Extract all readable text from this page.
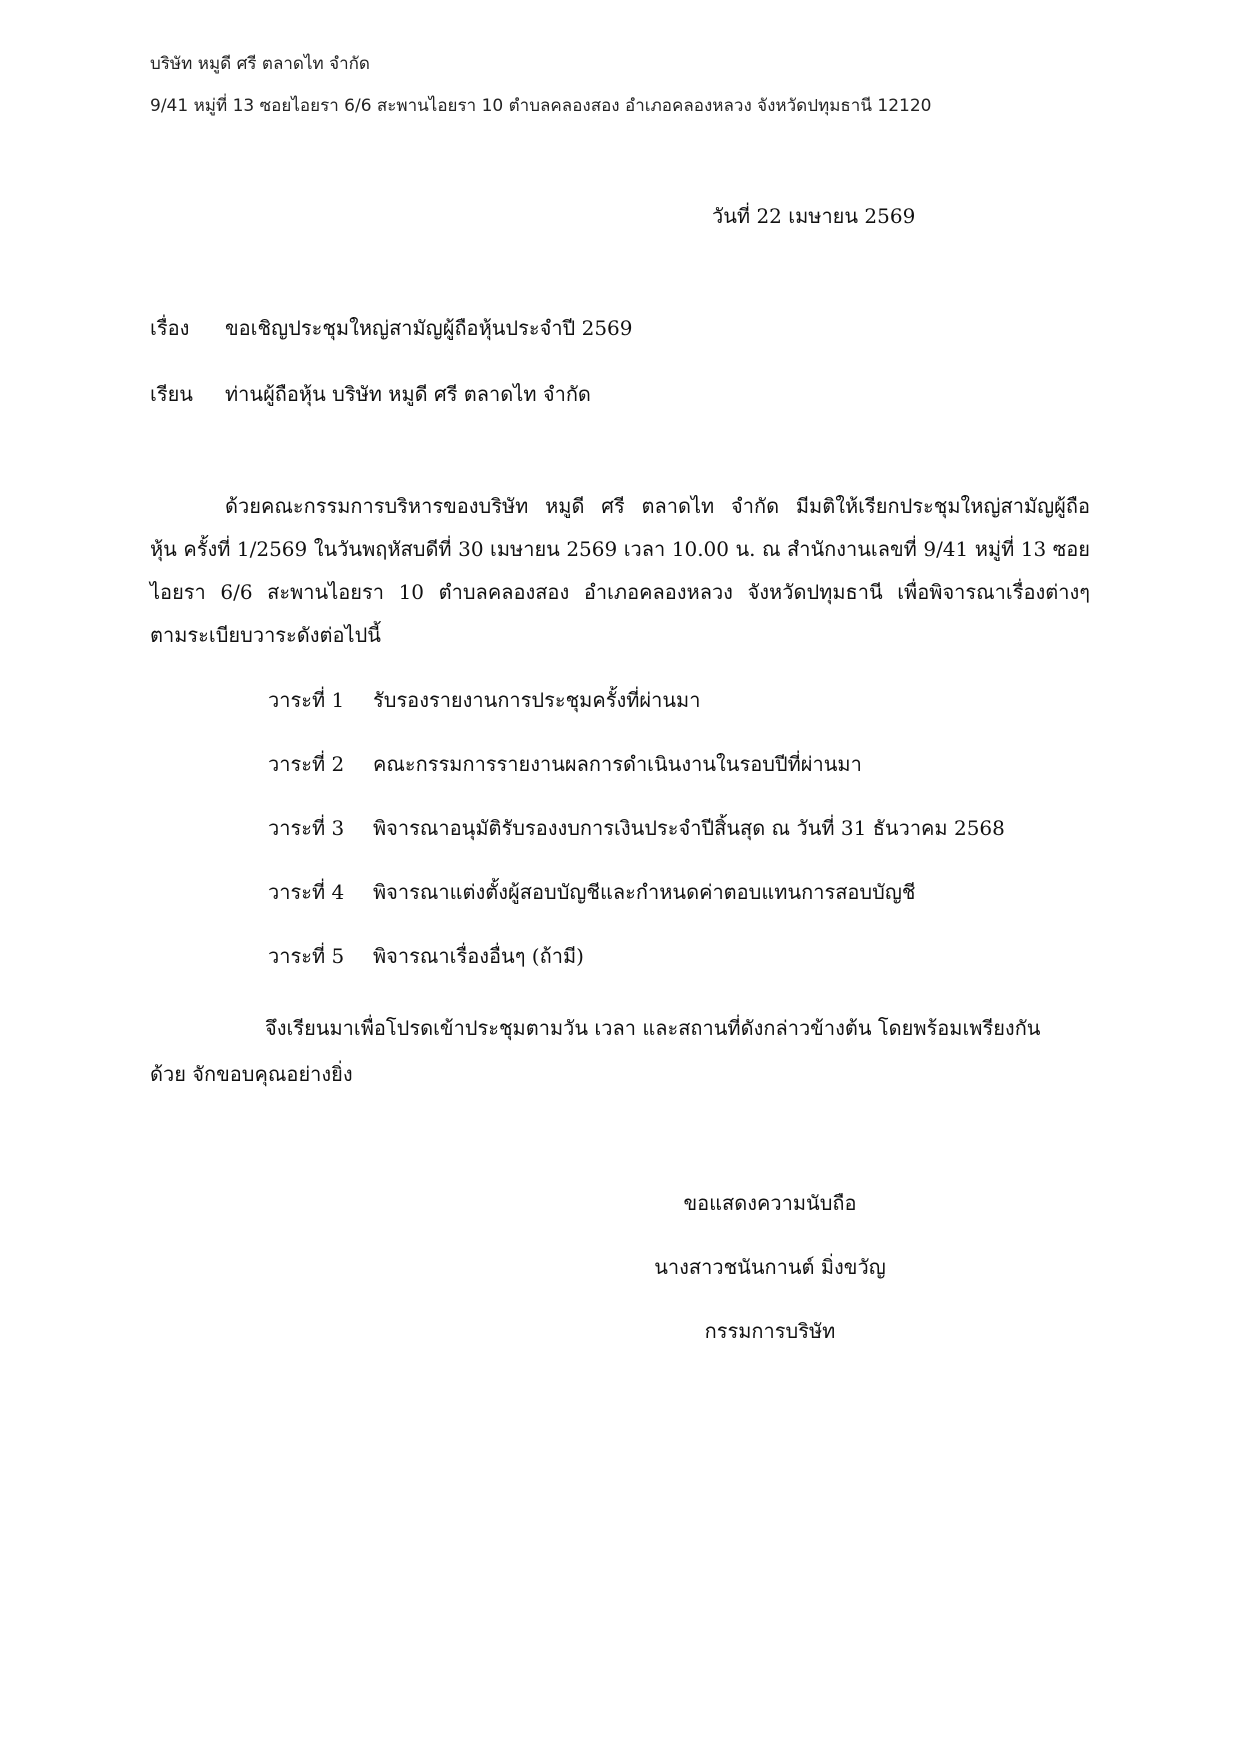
บริษัท หมูดี ศรี ตลาดไท จำกัด
9/41 หมู่ที่ 13 ซอยไอยรา 6/6 สะพานไอยรา 10 ตำบลคลองสอง อำเภอคลองหลวง จังหวัดปทุมธานี 12120
วันที่ 22 เมษายน 2569
เรื่อง ขอเชิญประชุมใหญ่สามัญผู้ถือหุ้นประจำปี 2569
เรียน ท่านผู้ถือหุ้น บริษัท หมูดี ศรี ตลาดไท จำกัด
ด้วยคณะกรรมการบริหารของบริษัท หมูดี ศรี ตลาดไท จำกัด มีมติให้เรียกประชุมใหญ่สามัญผู้ถือ
หุ้น ครั้งที่ 1/2569 ในวันพฤหัสบดีที่ 30 เมษายน 2569 เวลา 10.00 น. ณ สำนักงานเลขที่ 9/41 หมู่ที่ 13 ซอย
ไอยรา 6/6 สะพานไอยรา 10 ตำบลคลองสอง อำเภอคลองหลวง จังหวัดปทุมธานี เพื่อพิจารณาเรื่องต่างๆ
ตามระเบียบวาระดังต่อไปนี้
วาระที่ 1 รับรองรายงานการประชุมครั้งที่ผ่านมา
วาระที่ 2 คณะกรรมการรายงานผลการดำเนินงานในรอบปีที่ผ่านมา
วาระที่ 3 พิจารณาอนุมัติรับรองงบการเงินประจำปีสิ้นสุด ณ วันที่ 31 ธันวาคม 2568
วาระที่ 4 พิจารณาแต่งตั้งผู้สอบบัญชีและกำหนดค่าตอบแทนการสอบบัญชี
วาระที่ 5 พิจารณาเรื่องอื่นๆ (ถ้ามี)
จึงเรียนมาเพื่อโปรดเข้าประชุมตามวัน เวลา และสถานที่ดังกล่าวข้างต้น โดยพร้อมเพรียงกัน
ด้วย จักขอบคุณอย่างยิ่ง
ขอแสดงความนับถือ
นางสาวชนันกานต์ มิ่งขวัญ
กรรมการบริษัท
